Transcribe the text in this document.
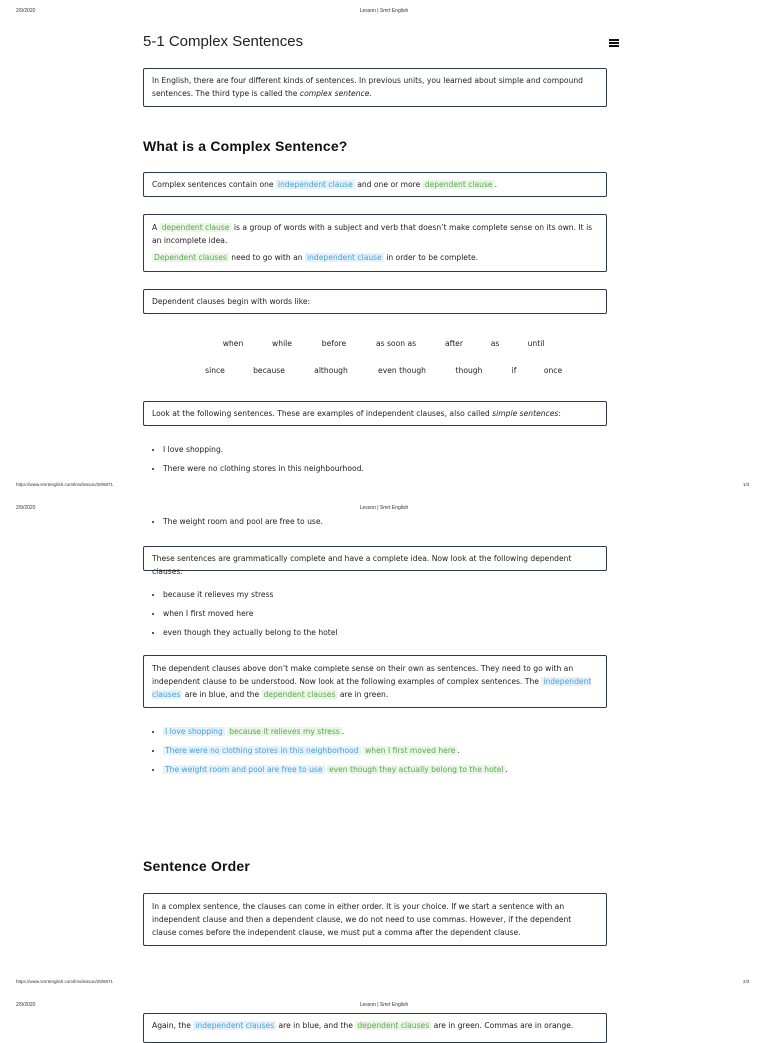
2/9/2020	Lesson | Smrt English
5-1 Complex Sentences

In English, there are four different kinds of sentences. In previous units, you learned about simple and compound sentences. The third type is called the complex sentence.

What is a Complex Sentence?

Complex sentences contain one independent clause and one or more dependent clause .

A dependent clause is a group of words with a subject and verb that doesn’t make complete sense on its own. It is an incomplete idea.

Dependent clauses need to go with an independent clause in order to be complete.

Dependent clauses begin with words like:

when	while	before	as soon as	after	as	until
since	because	although	even though	though	if	once

Look at the following sentences. These are examples of independent clauses, also called simple sentences:

• I love shopping.
• There were no clothing stores in this neighbourhood.
https://www.smrtenglish.com/lms/lesson/29/6871	1/3
2/9/2020	Lesson | Smrt English
• The weight room and pool are free to use.

These sentences are grammatically complete and have a complete idea. Now look at the following dependent clauses:

• because it relieves my stress
• when I first moved here
• even though they actually belong to the hotel

The dependent clauses above don’t make complete sense on their own as sentences. They need to go with an independent clause to be understood. Now look at the following examples of complex sentences. The independent clauses are in blue, and the dependent clauses are in green.

• I love shopping because it relieves my stress .
• There were no clothing stores in this neighborhood when I first moved here .
• The weight room and pool are free to use even though they actually belong to the hotel .
Sentence Order

In a complex sentence, the clauses can come in either order. It is your choice. If we start a sentence with an independent clause and then a dependent clause, we do not need to use commas. However, if the dependent clause comes before the independent clause, we must put a comma after the dependent clause.

https://www.smrtenglish.com/lms/lesson/29/6871	2/3
2/9/2020	Lesson | Smrt English

Again, the independent clauses are in blue, and the dependent clauses are in green. Commas are in orange.
